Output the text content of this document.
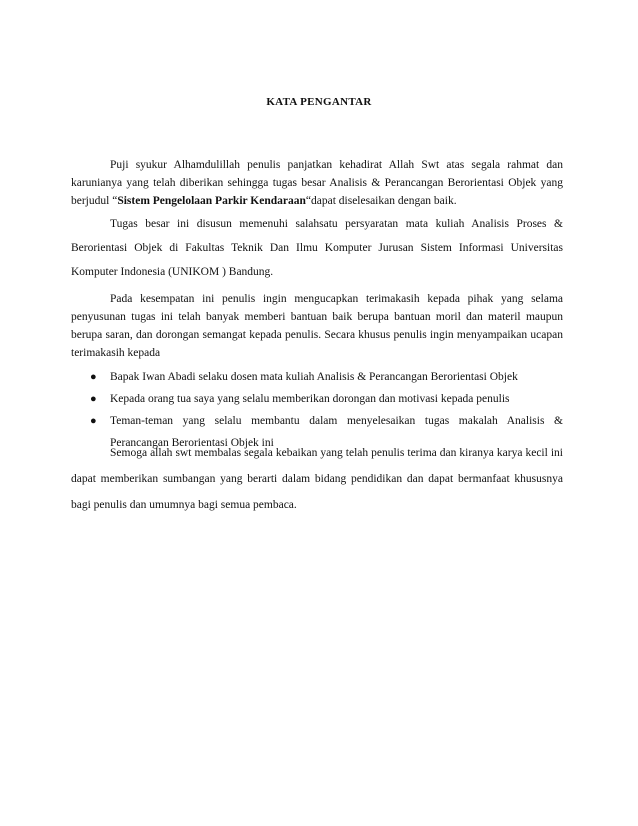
KATA PENGANTAR

Puji syukur Alhamdulillah penulis panjatkan kehadirat Allah Swt atas segala rahmat dan karunianya yang telah diberikan sehingga tugas besar Analisis & Perancangan Berorientasi Objek yang berjudul “Sistem Pengelolaan Parkir Kendaraan“dapat diselesaikan dengan baik.

Tugas besar ini disusun memenuhi salahsatu persyaratan mata kuliah Analisis Proses & Berorientasi Objek di Fakultas Teknik Dan Ilmu Komputer Jurusan Sistem Informasi Universitas Komputer Indonesia (UNIKOM ) Bandung.

Pada kesempatan ini penulis ingin mengucapkan terimakasih kepada pihak yang selama penyusunan tugas ini telah banyak memberi bantuan baik berupa bantuan moril dan materil maupun berupa saran, dan dorongan semangat kepada penulis. Secara khusus penulis ingin menyampaikan ucapan terimakasih kepada

● Bapak Iwan Abadi selaku dosen mata kuliah Analisis & Perancangan Berorientasi Objek
● Kepada orang tua saya yang selalu memberikan dorongan dan motivasi kepada penulis
● Teman-teman yang selalu membantu dalam menyelesaikan tugas makalah Analisis & Perancangan Berorientasi Objek ini

Semoga allah swt membalas segala kebaikan yang telah penulis terima dan kiranya karya kecil ini dapat memberikan sumbangan yang berarti dalam bidang pendidikan dan dapat bermanfaat khususnya bagi penulis dan umumnya bagi semua pembaca.
